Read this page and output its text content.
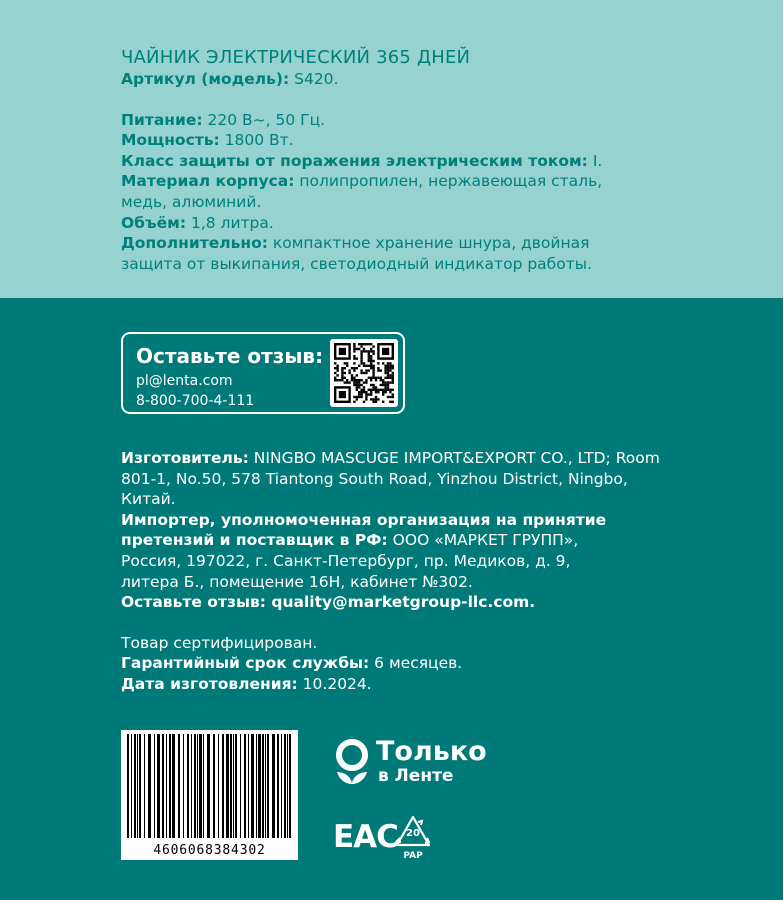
ЧАЙНИК ЭЛЕКТРИЧЕСКИЙ 365 ДНЕЙ

Артикул (модель): S420.

Питание: 220 В~, 50 Гц.

Мощность: 1800 Вт.

Класс защиты от поражения электрическим током: I.

Материал корпуса: полипропилен, нержавеющая сталь, медь, алюминий.

Объём: 1,8 литра.

Дополнительно: компактное хранение шнура, двойная защита от выкипания, светодиодный индикатор работы.

Оставьте отзыв:
pl@lenta.com
8-800-700-4-111

Изготовитель: NINGBO MASCUGE IMPORT&EXPORT CO., LTD; Room 801-1, No.50, 578 Tiantong South Road, Yinzhou District, Ningbo, Китай.

Импортер, уполномоченная организация на принятие претензий и поставщик в РФ: ООО «МАРКЕТ ГРУПП», Россия, 197022, г. Санкт-Петербург, пр. Медиков, д. 9, литера Б., помещение 16Н, кабинет №302.

Оставьте отзыв: quality@marketgroup-llc.com.

Товар сертифицирован.

Гарантийный срок службы: 6 месяцев.

Дата изготовления: 10.2024.

4606068384302
Только
в Ленте
ЕАС 20
PAP
